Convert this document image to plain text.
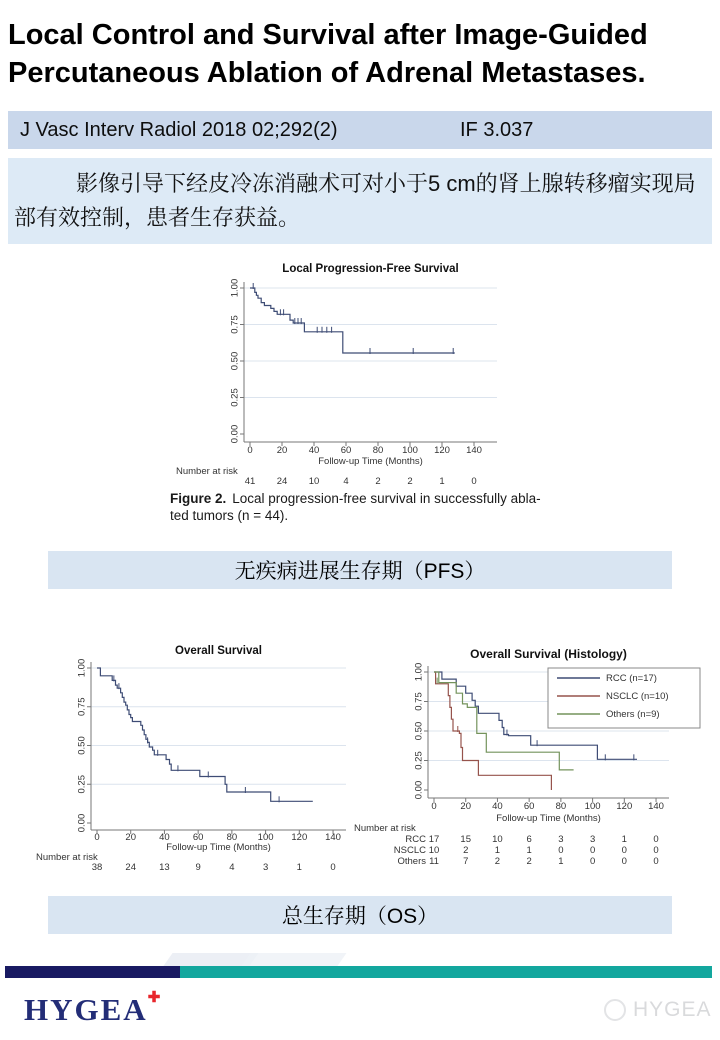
Local Control and Survival after Image-Guided
Percutaneous Ablation of Adrenal Metastases.
J Vasc Interv Radiol 2018 02;292(2)	IF 3.037

影像引导下经皮冷冻消融术可对小于5 cm的肾上腺转移瘤实现局部有效控制，患者生存获益。

0.00
0.25
0.50
0.75
1.00
0	20 40 60 80 100 120 140
Local Progression-Free Survival
Follow-up Time (Months)
Number at risk
41 24 10	4	2	2	1	0

Figure 2. Local progression-free survival in successfully abla-
ted tumors (n = 44).

无疾病进展生存期（PFS）
0.00
0.25
0.50
0.75
1.00
0	20 40 60 80 100 120 140
Overall Survival
Follow-up Time (Months)
Number at risk
38 24 13	9	4	3	1	0
0.00
0.25
0.50
0.75
1.00
0	20 40 60 80 100 120 140
Overall Survival (Histology)
Follow-up Time (Months)
RCC (n=17)
NSCLC (n=10)
Others (n=9)
Number at risk
RCC 17 15 10	6	3	3	1	0
NSCLC 10	2	1	1	0	0	0	0
Others 11	7	2	2	1	0	0	0
总生存期（OS）
HYGEA✚	HYGEA
